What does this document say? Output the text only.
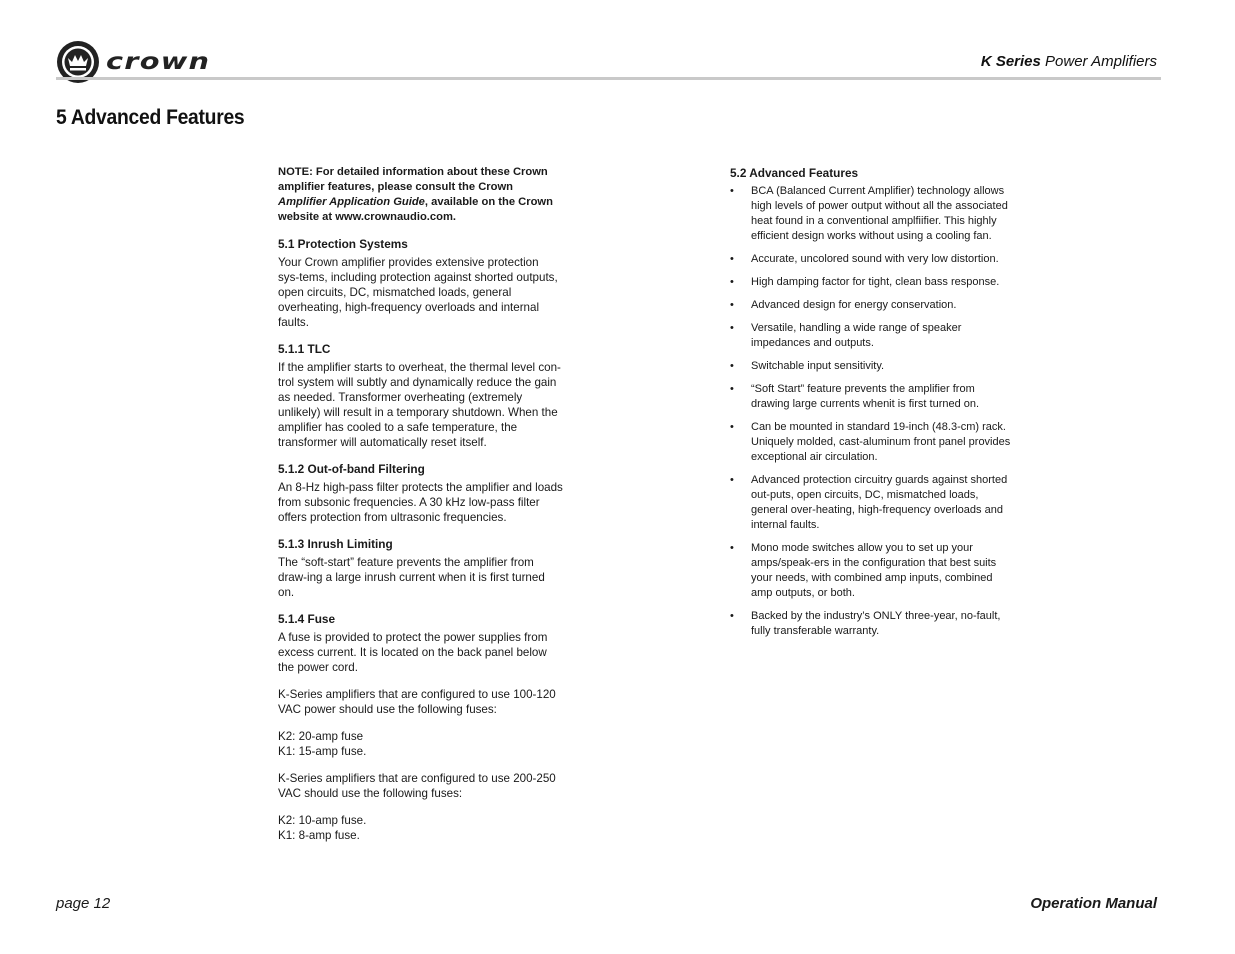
crown	K Series Power Amplifiers
5 Advanced Features

NOTE: For detailed information about these Crown amplifier features, please consult the Crown Amplifier Application Guide, available on the Crown website at www.crownaudio.com.

5.1 Protection Systems

Your Crown amplifier provides extensive protection sys-tems, including protection against shorted outputs, open circuits, DC, mismatched loads, general overheating, high-frequency overloads and internal faults.

5.1.1 TLC

If the amplifier starts to overheat, the thermal level con-trol system will subtly and dynamically reduce the gain as needed. Transformer overheating (extremely unlikely) will result in a temporary shutdown. When the amplifier has cooled to a safe temperature, the transformer will automatically reset itself.

5.1.2 Out-of-band Filtering

An 8-Hz high-pass filter protects the amplifier and loads from subsonic frequencies. A 30 kHz low-pass filter offers protection from ultrasonic frequencies.

5.1.3 Inrush Limiting

The “soft-start” feature prevents the amplifier from draw-ing a large inrush current when it is first turned on.

5.1.4 Fuse

A fuse is provided to protect the power supplies from excess current. It is located on the back panel below the power cord.

K-Series amplifiers that are configured to use 100-120 VAC power should use the following fuses:

K2: 20-amp fuse
K1: 15-amp fuse.

K-Series amplifiers that are configured to use 200-250 VAC should use the following fuses:

K2: 10-amp fuse.
K1: 8-amp fuse.

5.2 Advanced Features
• BCA (Balanced Current Amplifier) technology allows high levels of power output without all the associated heat found in a conventional amplfiifier. This highly efficient design works without using a cooling fan.
• Accurate, uncolored sound with very low distortion.
• High damping factor for tight, clean bass response.
• Advanced design for energy conservation.
• Versatile, handling a wide range of speaker impedances and outputs.
• Switchable input sensitivity.
• “Soft Start” feature prevents the amplifier from drawing large currents whenit is first turned on.
• Can be mounted in standard 19-inch (48.3-cm) rack. Uniquely molded, cast-aluminum front panel provides exceptional air circulation.
• Advanced protection circuitry guards against shorted out-puts, open circuits, DC, mismatched loads, general over-heating, high-frequency overloads and internal faults.
• Mono mode switches allow you to set up your amps/speak-ers in the configuration that best suits your needs, with combined amp inputs, combined amp outputs, or both.
• Backed by the industry’s ONLY three-year, no-fault, fully transferable warranty.
page 12	Operation Manual
